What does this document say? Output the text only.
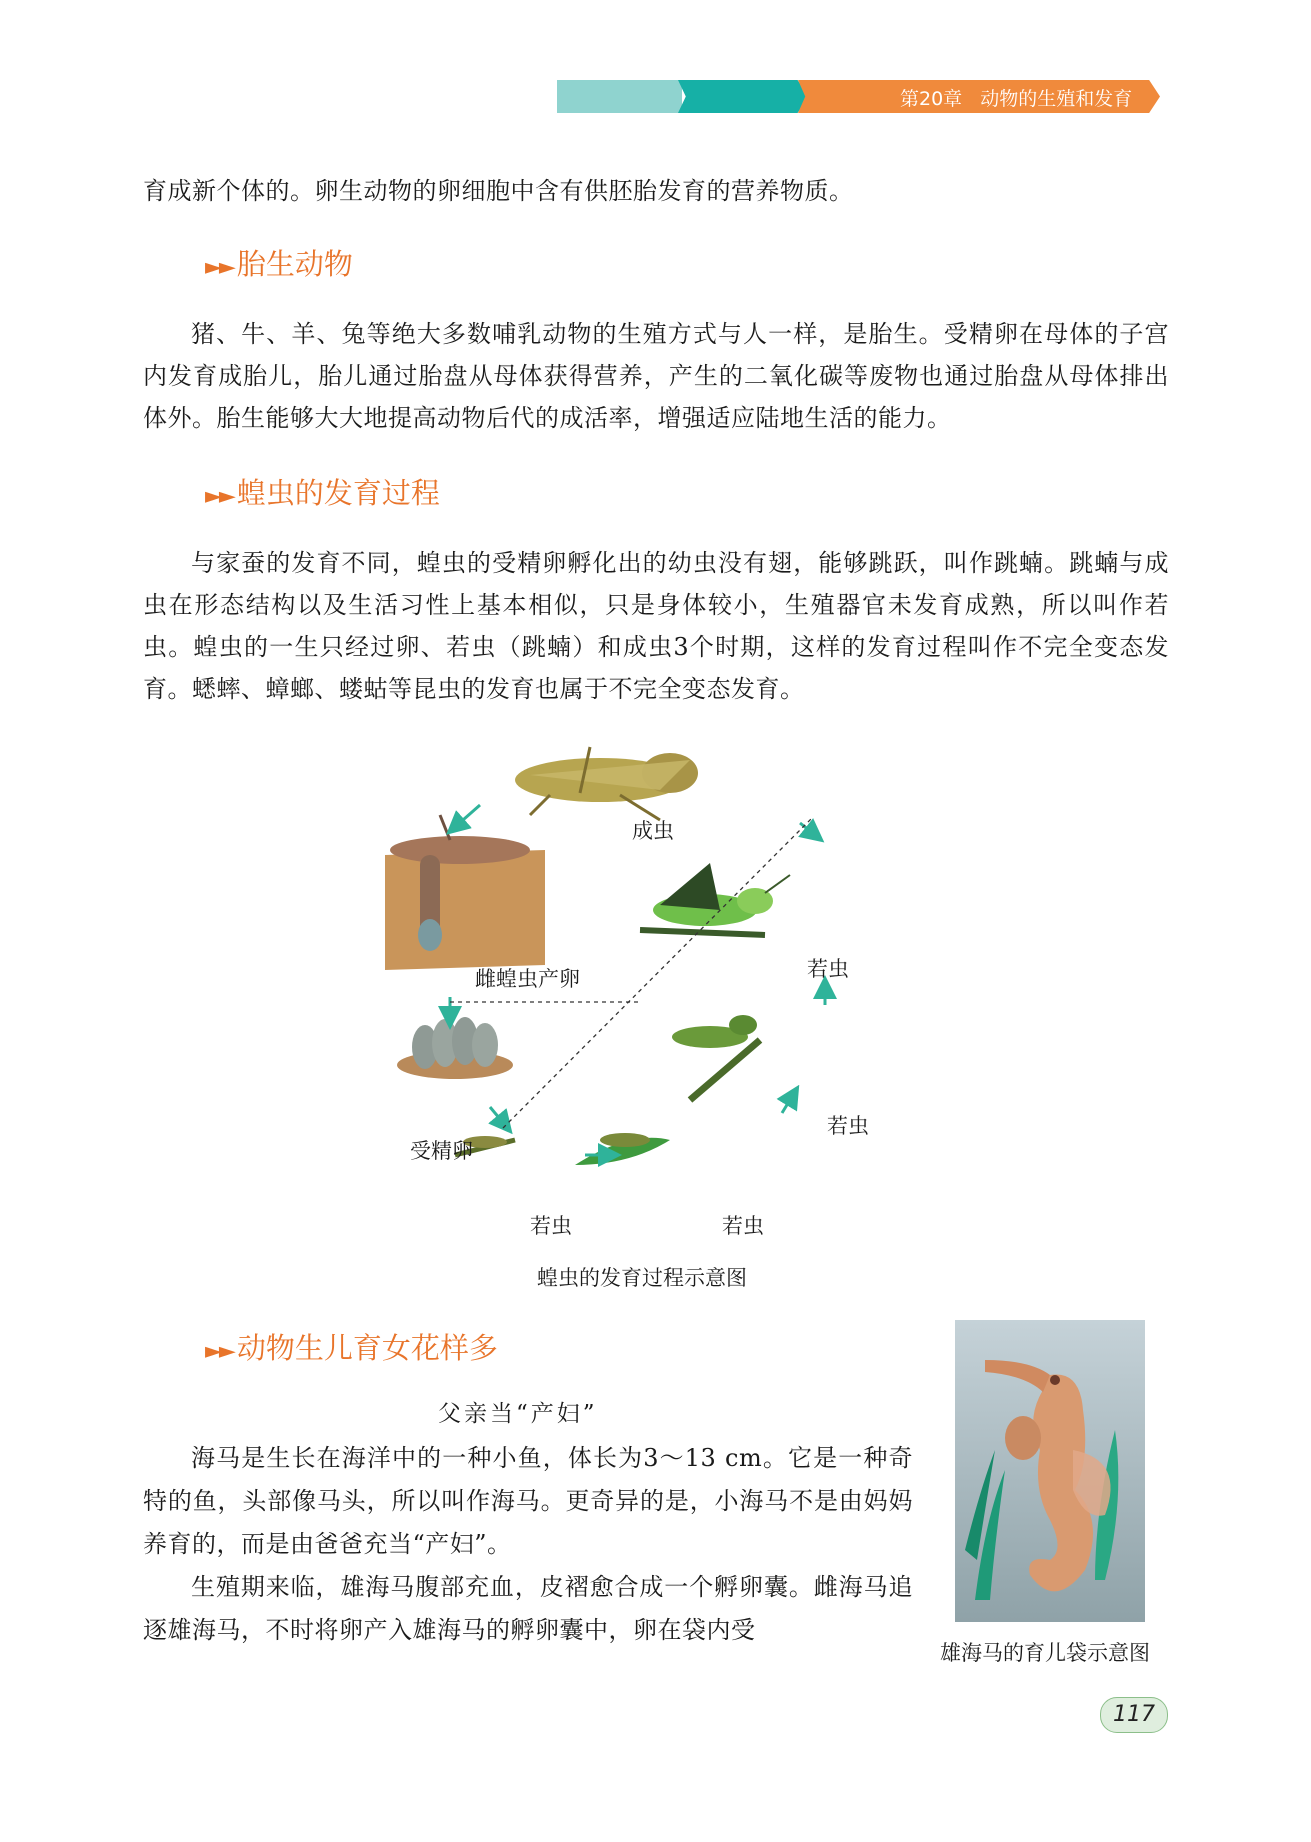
第20章 动物的生殖和发育

育成新个体的。卵生动物的卵细胞中含有供胚胎发育的营养物质。

►► 胎生动物

猪、牛、羊、兔等绝大多数哺乳动物的生殖方式与人一样，是胎生。受精卵在母体的子宫内发育成胎儿，胎儿通过胎盘从母体获得营养，产生的二氧化碳等废物也通过胎盘从母体排出体外。胎生能够大大地提高动物后代的成活率，增强适应陆地生活的能力。

►► 蝗虫的发育过程

与家蚕的发育不同，蝗虫的受精卵孵化出的幼虫没有翅，能够跳跃，叫作跳蝻。跳蝻与成虫在形态结构以及生活习性上基本相似，只是身体较小，生殖器官未发育成熟，所以叫作若虫。蝗虫的一生只经过卵、若虫（跳蝻）和成虫3个时期，这样的发育过程叫作不完全变态发育。蟋蟀、蟑螂、蝼蛄等昆虫的发育也属于不完全变态发育。

成虫
雌蝗虫产卵
受精卵
若虫	若虫
若虫
若虫
蝗虫的发育过程示意图
►► 动物生儿育女花样多
父亲当“产妇”

海马是生长在海洋中的一种小鱼，体长为3～13 cm。它是一种奇特的鱼，头部像马头，所以叫作海马。更奇异的是，小海马不是由妈妈养育的，而是由爸爸充当“产妇”。

生殖期来临，雄海马腹部充血，皮褶愈合成一个孵卵囊。雌海马追逐雄海马，不时将卵产入雄海马的孵卵囊中，卵在袋内受

雄海马的育儿袋示意图
117
